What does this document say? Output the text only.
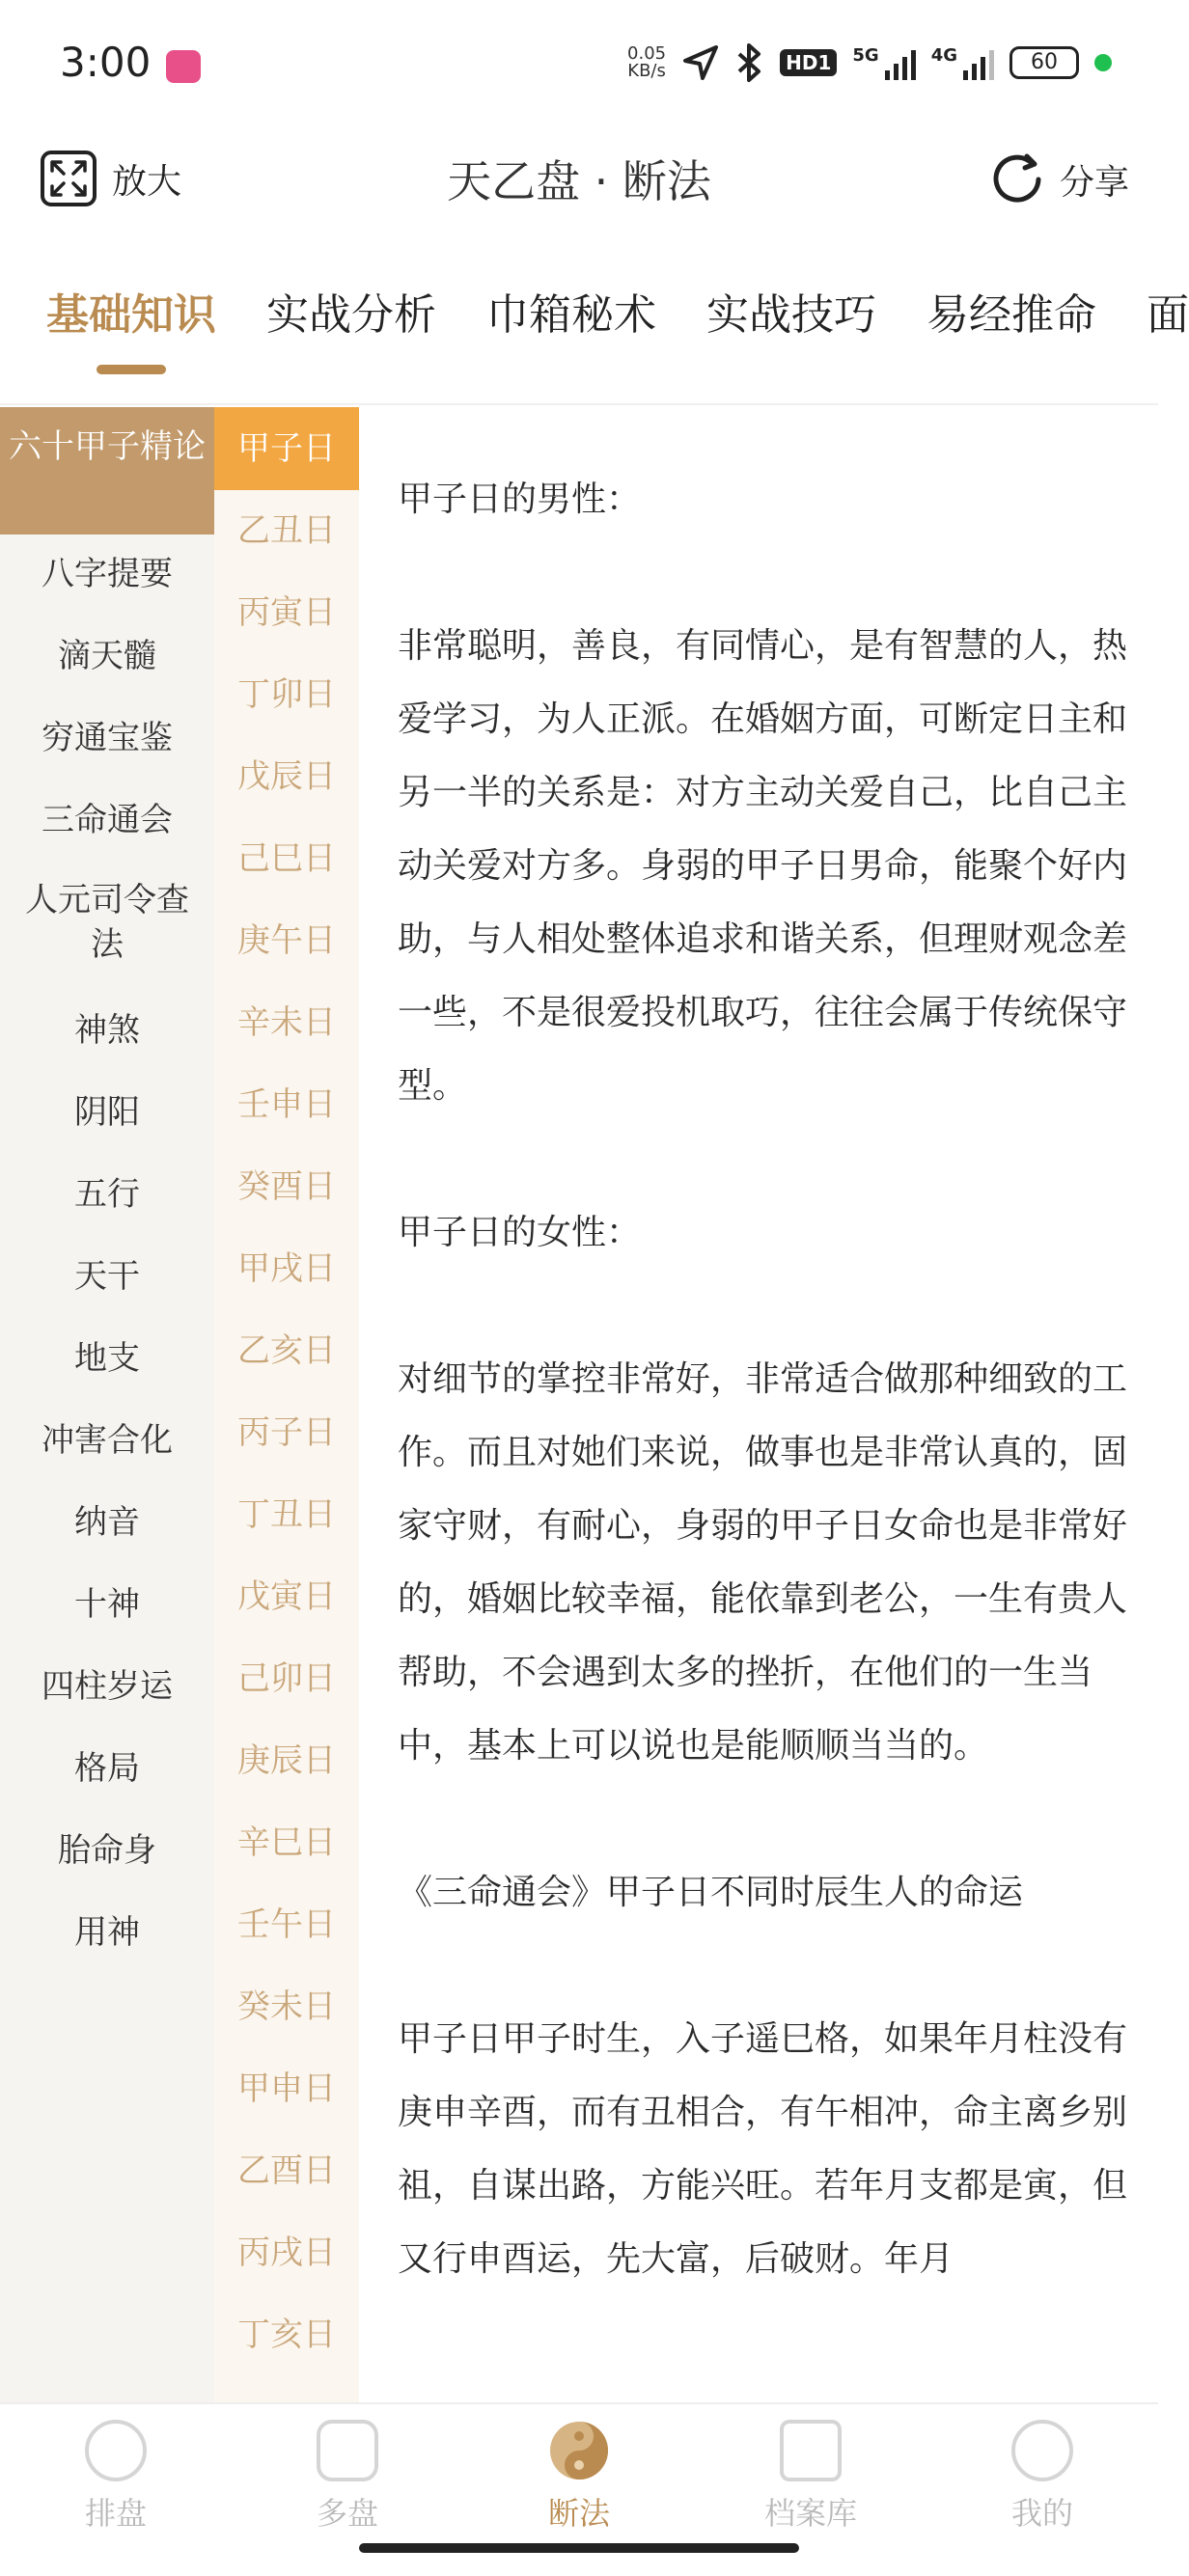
3:00	0.05
KB/s	HD1	5G	4G	60
放大	天乙盘 · 断法	分享
基础知识 实战分析 巾箱秘术 实战技巧 易经推命 面
六十甲子精论
八字提要
滴天髓
穷通宝鉴
三命通会
人元司令查法
神煞
阴阳
五行
天干
地支
冲害合化
纳音
十神
四柱岁运
格局
胎命身
用神
甲子日
乙丑日
丙寅日
丁卯日
戊辰日
己巳日
庚午日
辛未日
壬申日
癸酉日
甲戌日
乙亥日
丙子日
丁丑日
戊寅日
己卯日
庚辰日
辛巳日
壬午日
癸未日
甲申日
乙酉日
丙戌日
丁亥日

甲子日的男性：

非常聪明，善良，有同情心，是有智慧的人，热爱学习，为人正派。在婚姻方面，可断定日主和另一半的关系是：对方主动关爱自己，比自己主动关爱对方多。身弱的甲子日男命，能聚个好内助，与人相处整体追求和谐关系，但理财观念差一些，不是很爱投机取巧，往往会属于传统保守型。

甲子日的女性：

对细节的掌控非常好，非常适合做那种细致的工作。而且对她们来说，做事也是非常认真的，固家守财，有耐心，身弱的甲子日女命也是非常好的，婚姻比较幸福，能依靠到老公，一生有贵人帮助，不会遇到太多的挫折，在他们的一生当中，基本上可以说也是能顺顺当当的。

《三命通会》甲子日不同时辰生人的命运

甲子日甲子时生，入子遥巳格，如果年月柱没有庚申辛酉，而有丑相合，有午相冲，命主离乡别祖，自谋出路，方能兴旺。若年月支都是寅，但又行申酉运，先大富，后破财。年月

排盘	多盘	断法	档案库	我的
